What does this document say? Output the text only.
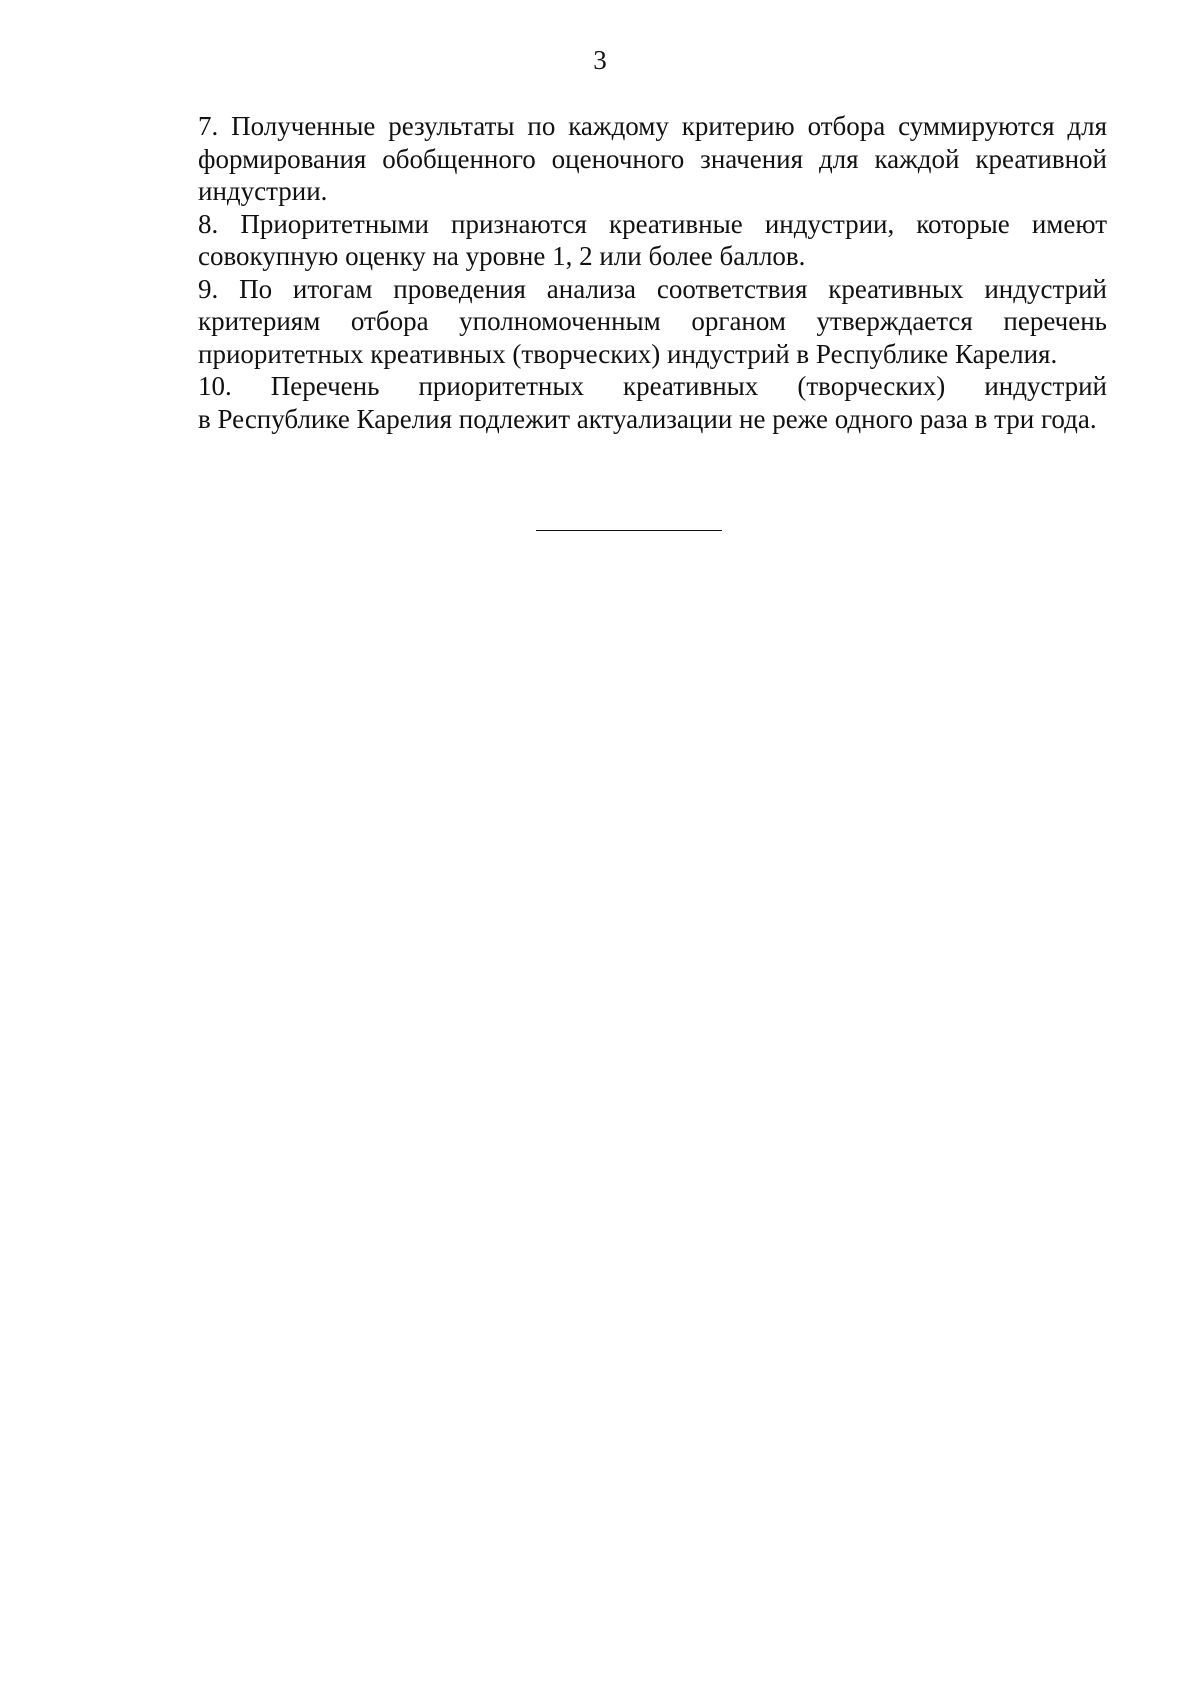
3

7. Полученные результаты по каждому критерию отбора суммируются для
формирования обобщенного оценочного значения для каждой креативной
индустрии.

8. Приоритетными признаются креативные индустрии, которые имеют
совокупную оценку на уровне 1, 2 или более баллов.

9. По итогам проведения анализа соответствия креативных индустрий
критериям отбора уполномоченным органом утверждается перечень
приоритетных креативных (творческих) индустрий в Республике Карелия.

10. Перечень приоритетных креативных (творческих) индустрий
в Республике Карелия подлежит актуализации не реже одного раза в три года.
